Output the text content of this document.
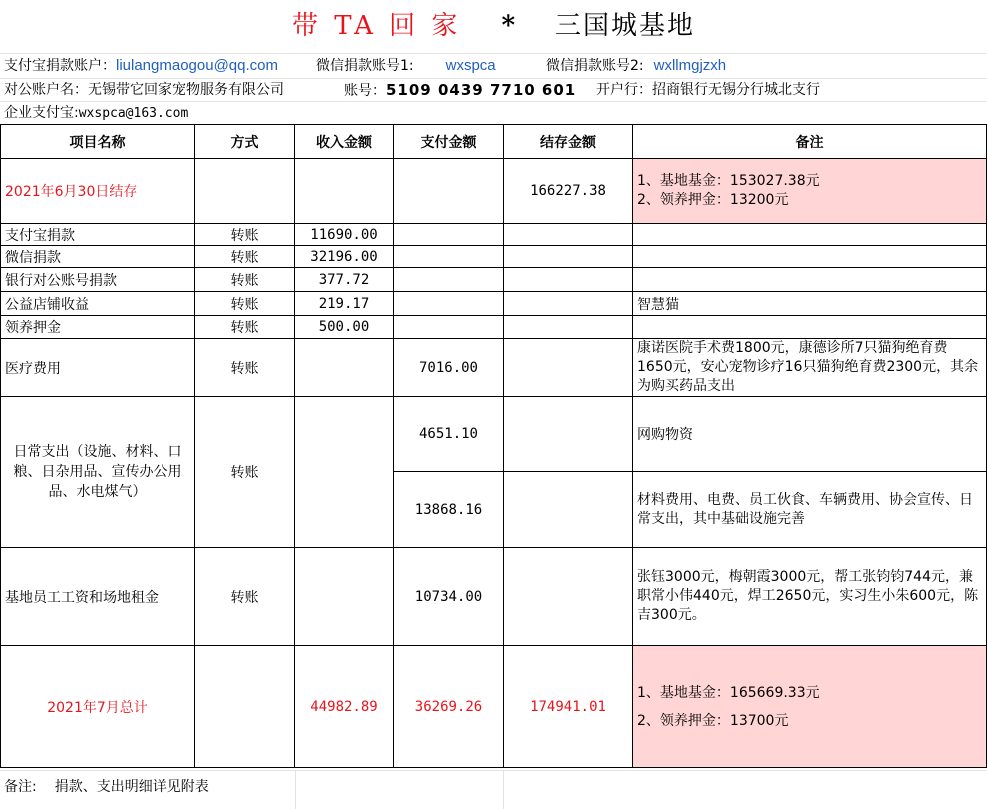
带 TA 回 家 * 三国城基地
支付宝捐款账户：liulangmaogou@qq.com	微信捐款账号1: wxspca	微信捐款账号2: wxllmgjzxh
对公账户名：无锡带它回家宠物服务有限公司	账号：5109 0439 7710 601 开户行：招商银行无锡分行城北支行
企业支付宝:wxspca@163.com
项目名称	方式	收入金额	支付金额	结存金额	备注
2021年6月30日结存				166227.38	1、基地基金：153027.38元
2、领养押金：13200元

支付宝捐款	转账	11690.00			
微信捐款	转账	32196.00			
银行对公账号捐款	转账	377.72			
公益店铺收益	转账	219.17			智慧猫
领养押金	转账	500.00			
医疗费用	转账		7016.00		康诺医院手术费1800元，康德诊所7只猫狗绝育费1650元，安心宠物诊疗16只猫狗绝育费2300元，其余为购买药品支出
日常支出（设施、材料、口粮、日杂用品、宣传办公用品、水电煤气）	转账		4651.10		网购物资
			13868.16		材料费用、电费、员工伙食、车辆费用、协会宣传、日常支出，其中基础设施完善
基地员工工资和场地租金	转账		10734.00		张钰3000元，梅朝霞3000元，帮工张钧钧744元，兼职常小伟440元，焊工2650元，实习生小朱600元，陈吉300元。
2021年7月总计		44982.89	36269.26	174941.01	1、基地基金：165669.33元
2、领养押金：13700元
备注: 捐款、支出明细详见附表
